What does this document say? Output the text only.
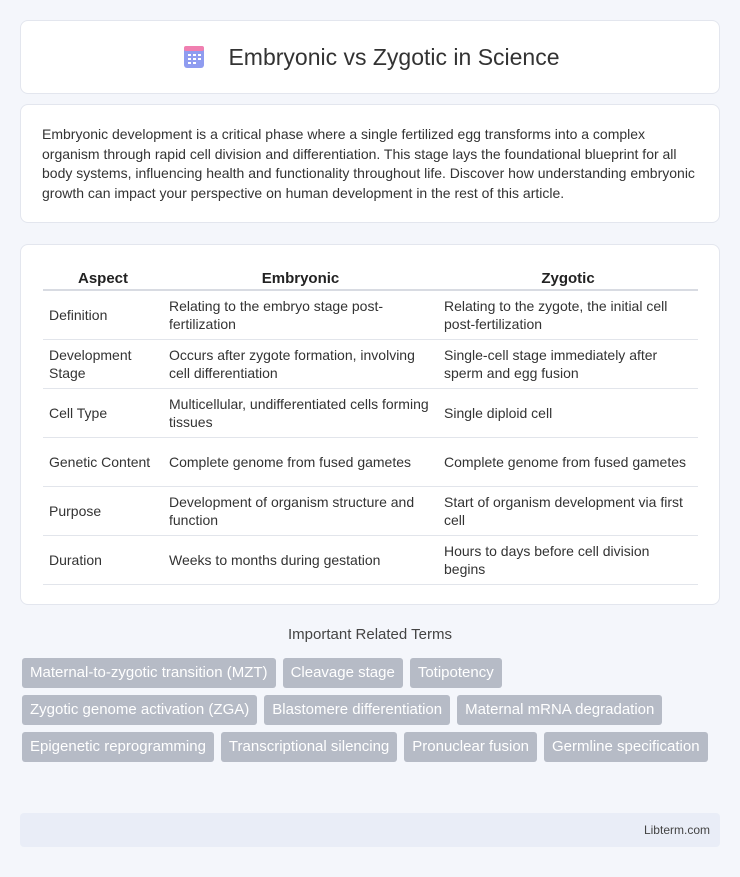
Embryonic vs Zygotic in Science

Embryonic development is a critical phase where a single fertilized egg transforms into a complex organism through rapid cell division and differentiation. This stage lays the foundational blueprint for all body systems, influencing health and functionality throughout life. Discover how understanding embryonic growth can impact your perspective on human development in the rest of this article.

Aspect	Embryonic	Zygotic
Definition	Relating to the embryo stage post-fertilization	Relating to the zygote, the initial cell post-fertilization
Development Stage	Occurs after zygote formation, involving cell differentiation	Single-cell stage immediately after sperm and egg fusion
Cell Type	Multicellular, undifferentiated cells forming tissues	Single diploid cell
Genetic Content	Complete genome from fused gametes	Complete genome from fused gametes
Purpose	Development of organism structure and function	Start of organism development via first cell
Duration	Weeks to months during gestation	Hours to days before cell division begins
Important Related Terms
Maternal-to-zygotic transition (MZT)	Cleavage stage	Totipotency
Zygotic genome activation (ZGA)	Blastomere differentiation	Maternal mRNA degradation
Epigenetic reprogramming	Transcriptional silencing	Pronuclear fusion	Germline specification
Libterm.com
